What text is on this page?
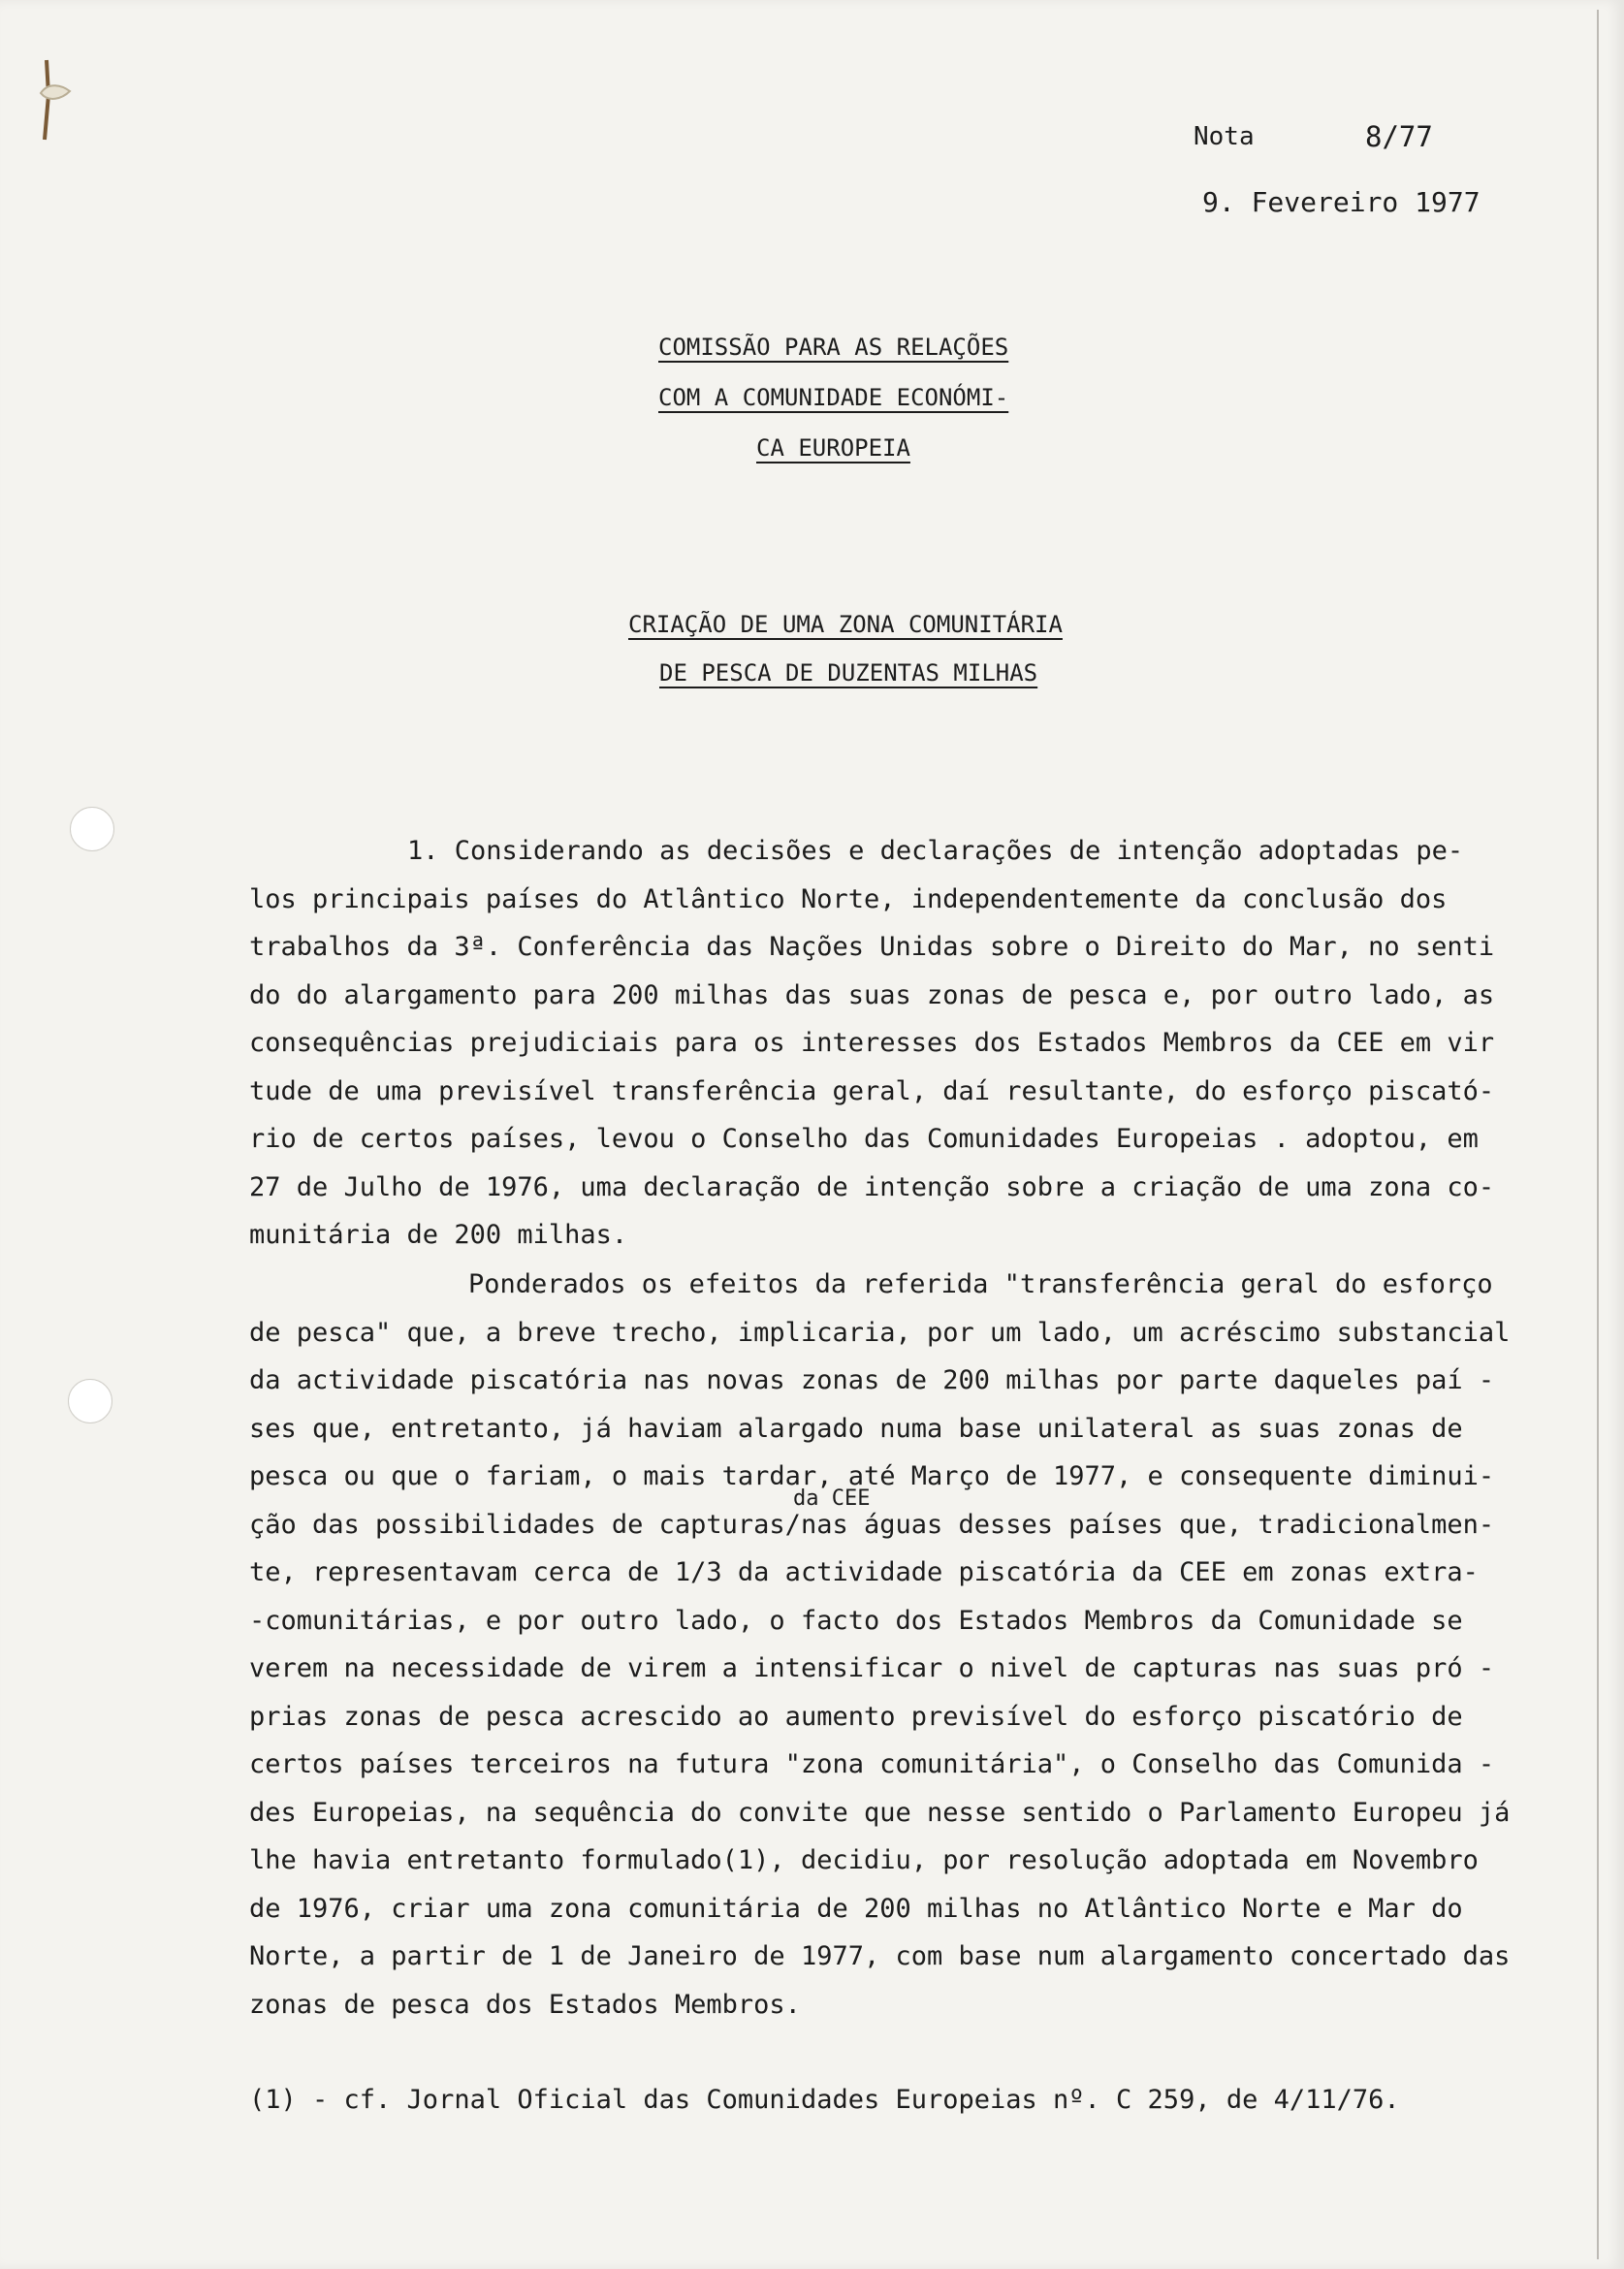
Nota	8/77
9. Fevereiro 1977
COMISSÃO PARA AS RELAÇÕES
COM A COMUNIDADE ECONÓMI-
CA EUROPEIA
CRIAÇÃO DE UMA ZONA COMUNITÁRIA
DE PESCA DE DUZENTAS MILHAS
1. Considerando as decisões e declarações de intenção adoptadas pe-
los principais países do Atlântico Norte, independentemente da conclusão dos
trabalhos da 3ª. Conferência das Nações Unidas sobre o Direito do Mar, no senti
do do alargamento para 200 milhas das suas zonas de pesca e, por outro lado, as
consequências prejudiciais para os interesses dos Estados Membros da CEE em vir
tude de uma previsível transferência geral, daí resultante, do esforço piscató-
rio de certos países, levou o Conselho das Comunidades Europeias . adoptou, em
27 de Julho de 1976, uma declaração de intenção sobre a criação de uma zona co-
munitária de 200 milhas.
Ponderados os efeitos da referida "transferência geral do esforço
de pesca" que, a breve trecho, implicaria, por um lado, um acréscimo substancial
da actividade piscatória nas novas zonas de 200 milhas por parte daqueles paí -
ses que, entretanto, já haviam alargado numa base unilateral as suas zonas de
pesca ou que o fariam, o mais tardar, até Março de 1977, e consequente diminui-
ção das possibilidades de capturas/nas águas desses países que, tradicionalmen-
te, representavam cerca de 1/3 da actividade piscatória da CEE em zonas extra-
-comunitárias, e por outro lado, o facto dos Estados Membros da Comunidade se
verem na necessidade de virem a intensificar o nivel de capturas nas suas pró -
prias zonas de pesca acrescido ao aumento previsível do esforço piscatório de
certos países terceiros na futura "zona comunitária", o Conselho das Comunida -
des Europeias, na sequência do convite que nesse sentido o Parlamento Europeu já
lhe havia entretanto formulado(1), decidiu, por resolução adoptada em Novembro
de 1976, criar uma zona comunitária de 200 milhas no Atlântico Norte e Mar do
Norte, a partir de 1 de Janeiro de 1977, com base num alargamento concertado das
zonas de pesca dos Estados Membros.
da CEE
(1) - cf. Jornal Oficial das Comunidades Europeias nº. C 259, de 4/11/76.
